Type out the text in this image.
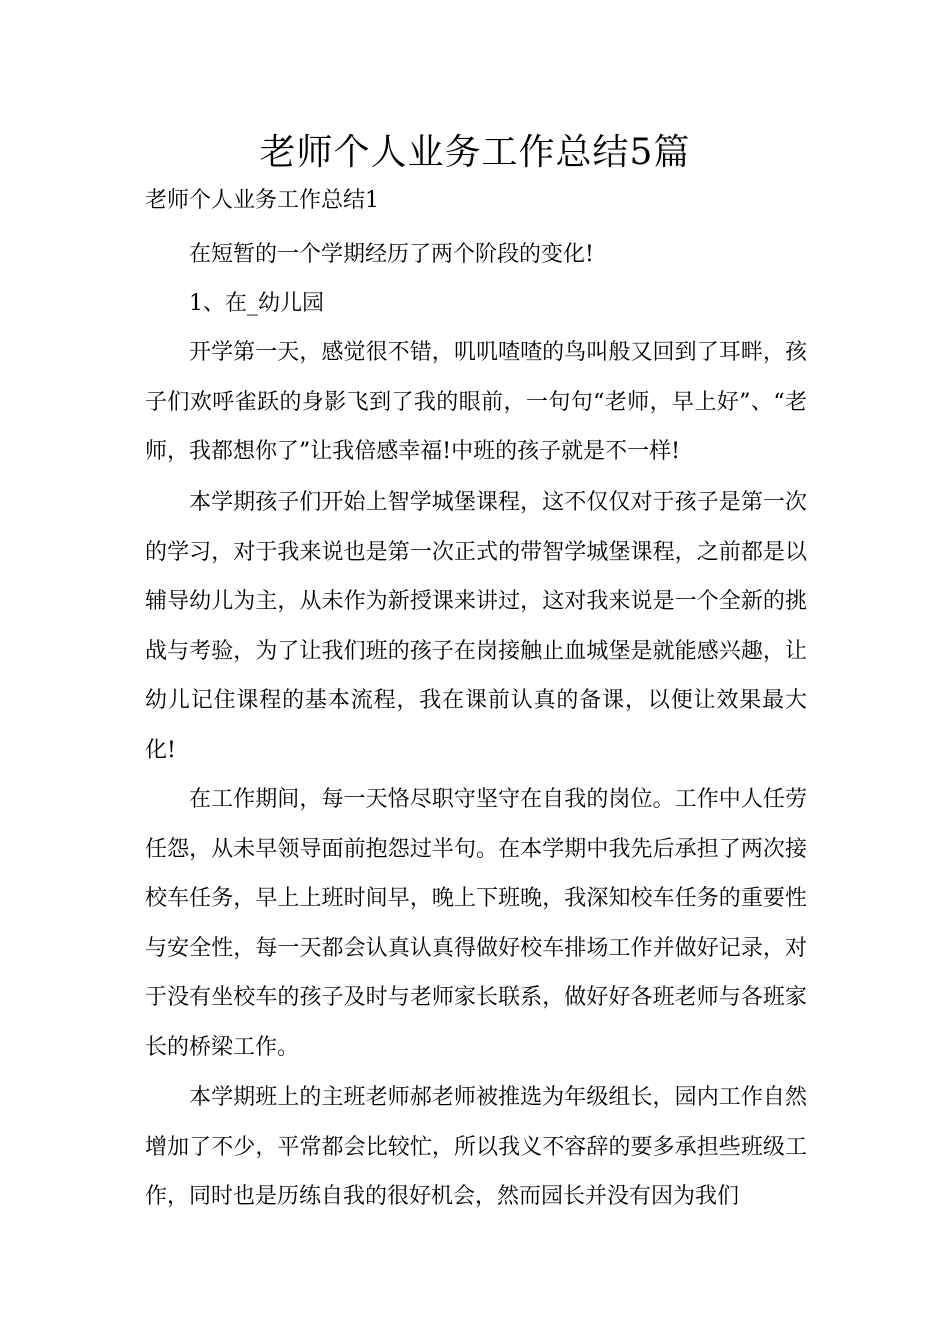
老师个人业务工作总结5篇

老师个人业务工作总结1

在短暂的一个学期经历了两个阶段的变化!

1、在_幼儿园

开学第一天，感觉很不错，叽叽喳喳的鸟叫般又回到了耳畔，孩子们欢呼雀跃的身影飞到了我的眼前，一句句“老师，早上好”、“老师，我都想你了”让我倍感幸福!中班的孩子就是不一样!

本学期孩子们开始上智学城堡课程，这不仅仅对于孩子是第一次的学习，对于我来说也是第一次正式的带智学城堡课程，之前都是以辅导幼儿为主，从未作为新授课来讲过，这对我来说是一个全新的挑战与考验，为了让我们班的孩子在岗接触止血城堡是就能感兴趣，让幼儿记住课程的基本流程，我在课前认真的备课，以便让效果最大化!

在工作期间，每一天恪尽职守坚守在自我的岗位。工作中人任劳任怨，从未早领导面前抱怨过半句。在本学期中我先后承担了两次接校车任务，早上上班时间早，晚上下班晚，我深知校车任务的重要性与安全性，每一天都会认真认真得做好校车排场工作并做好记录，对于没有坐校车的孩子及时与老师家长联系，做好好各班老师与各班家长的桥梁工作。

本学期班上的主班老师郝老师被推选为年级组长，园内工作自然增加了不少，平常都会比较忙，所以我义不容辞的要多承担些班级工作，同时也是历练自我的很好机会，然而园长并没有因为我们
